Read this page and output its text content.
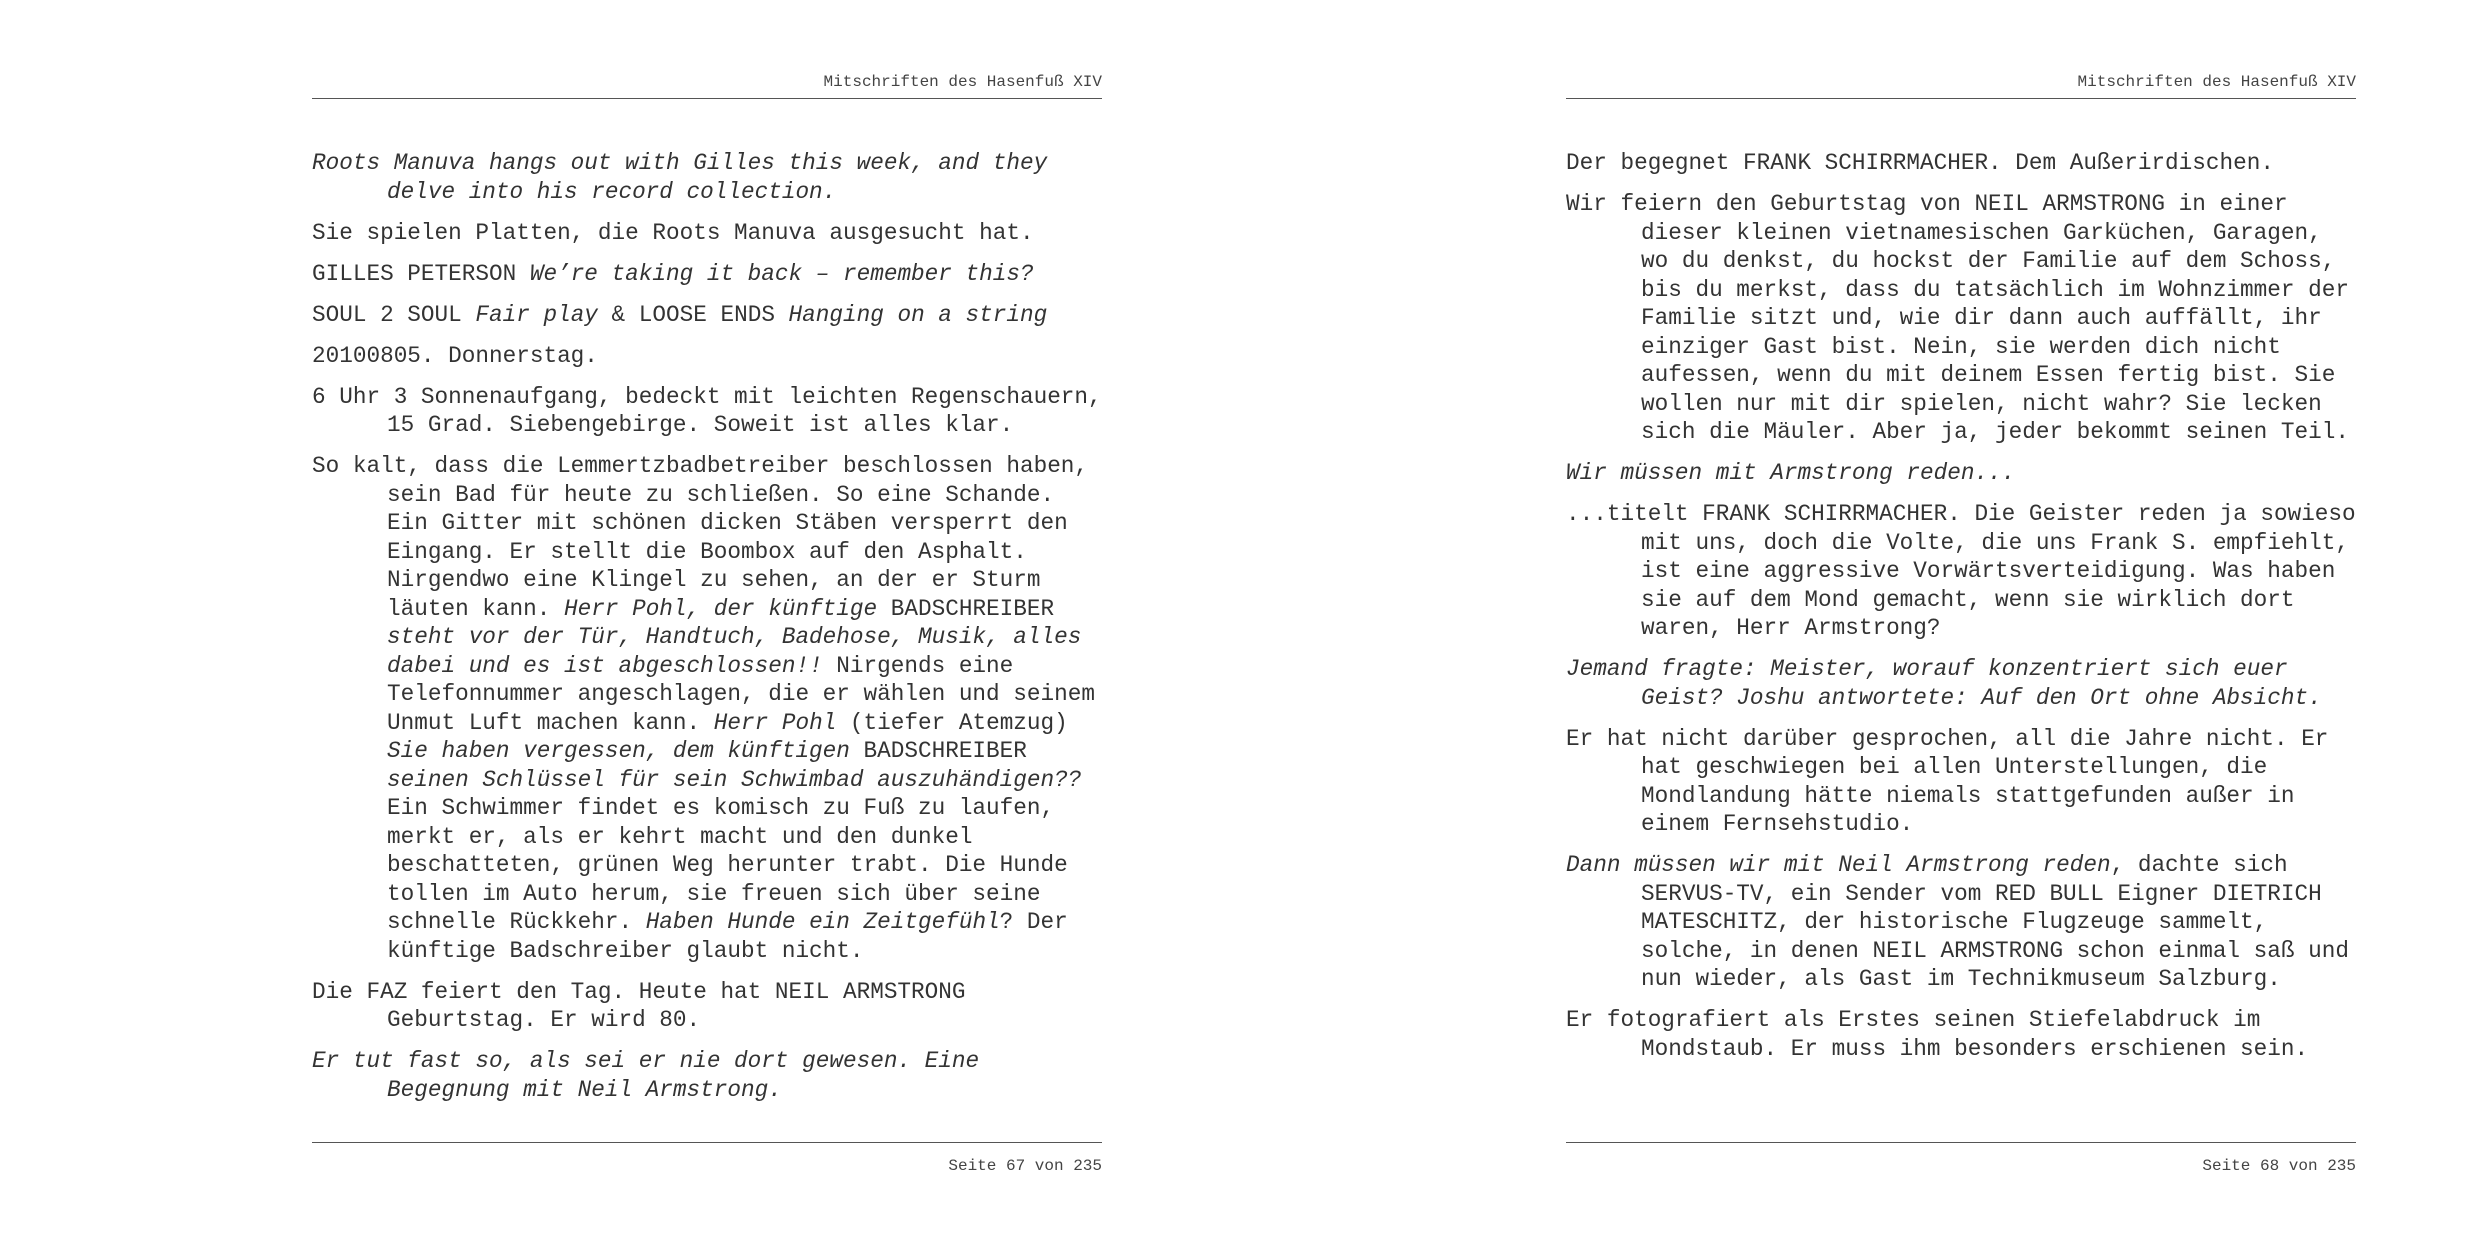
Mitschriften des Hasenfuß XIV

Roots Manuva hangs out with Gilles this week, and they delve into his record collection.

Sie spielen Platten, die Roots Manuva ausgesucht hat.

GILLES PETERSON We’re taking it back – remember this?

SOUL 2 SOUL Fair play & LOOSE ENDS Hanging on a string

20100805. Donnerstag.

6 Uhr 3 Sonnenaufgang, bedeckt mit leichten Regenschauern, 15 Grad. Siebengebirge. Soweit ist alles klar.

So kalt, dass die Lemmertzbadbetreiber beschlossen haben, sein Bad für heute zu schließen. So eine Schande. Ein Gitter mit schönen dicken Stäben versperrt den Eingang. Er stellt die Boombox auf den Asphalt. Nirgendwo eine Klingel zu sehen, an der er Sturm läuten kann. Herr Pohl, der künftige BADSCHREIBER steht vor der Tür, Handtuch, Badehose, Musik, alles dabei und es ist abgeschlossen!! Nirgends eine Telefonnummer angeschlagen, die er wählen und seinem Unmut Luft machen kann. Herr Pohl (tiefer Atemzug) Sie haben vergessen, dem künftigen BADSCHREIBER seinen Schlüssel für sein Schwimbad auszuhändigen?? Ein Schwimmer findet es komisch zu Fuß zu laufen, merkt er, als er kehrt macht und den dunkel beschatteten, grünen Weg herunter trabt. Die Hunde tollen im Auto herum, sie freuen sich über seine schnelle Rückkehr. Haben Hunde ein Zeitgefühl? Der künftige Badschreiber glaubt nicht.

Die FAZ feiert den Tag. Heute hat NEIL ARMSTRONG Geburtstag. Er wird 80.

Er tut fast so, als sei er nie dort gewesen. Eine Begegnung mit Neil Armstrong.

Seite 67 von 235
Mitschriften des Hasenfuß XIV

Der begegnet FRANK SCHIRRMACHER. Dem Außerirdischen.

Wir feiern den Geburtstag von NEIL ARMSTRONG in einer dieser kleinen vietnamesischen Garküchen, Garagen, wo du denkst, du hockst der Familie auf dem Schoss, bis du merkst, dass du tatsächlich im Wohnzimmer der Familie sitzt und, wie dir dann auch auffällt, ihr einziger Gast bist. Nein, sie werden dich nicht aufessen, wenn du mit deinem Essen fertig bist. Sie wollen nur mit dir spielen, nicht wahr? Sie lecken sich die Mäuler. Aber ja, jeder bekommt seinen Teil.

Wir müssen mit Armstrong reden...

...titelt FRANK SCHIRRMACHER. Die Geister reden ja sowieso mit uns, doch die Volte, die uns Frank S. empfiehlt, ist eine aggressive Vorwärtsverteidigung. Was haben sie auf dem Mond gemacht, wenn sie wirklich dort waren, Herr Armstrong?

Jemand fragte: Meister, worauf konzentriert sich euer Geist? Joshu antwortete: Auf den Ort ohne Absicht.

Er hat nicht darüber gesprochen, all die Jahre nicht. Er hat geschwiegen bei allen Unterstellungen, die Mondlandung hätte niemals stattgefunden außer in einem Fernsehstudio.

Dann müssen wir mit Neil Armstrong reden, dachte sich SERVUS-TV, ein Sender vom RED BULL Eigner DIETRICH MATESCHITZ, der historische Flugzeuge sammelt, solche, in denen NEIL ARMSTRONG schon einmal saß und nun wieder, als Gast im Technikmuseum Salzburg.

Er fotografiert als Erstes seinen Stiefelabdruck im Mondstaub. Er muss ihm besonders erschienen sein.

Seite 68 von 235
